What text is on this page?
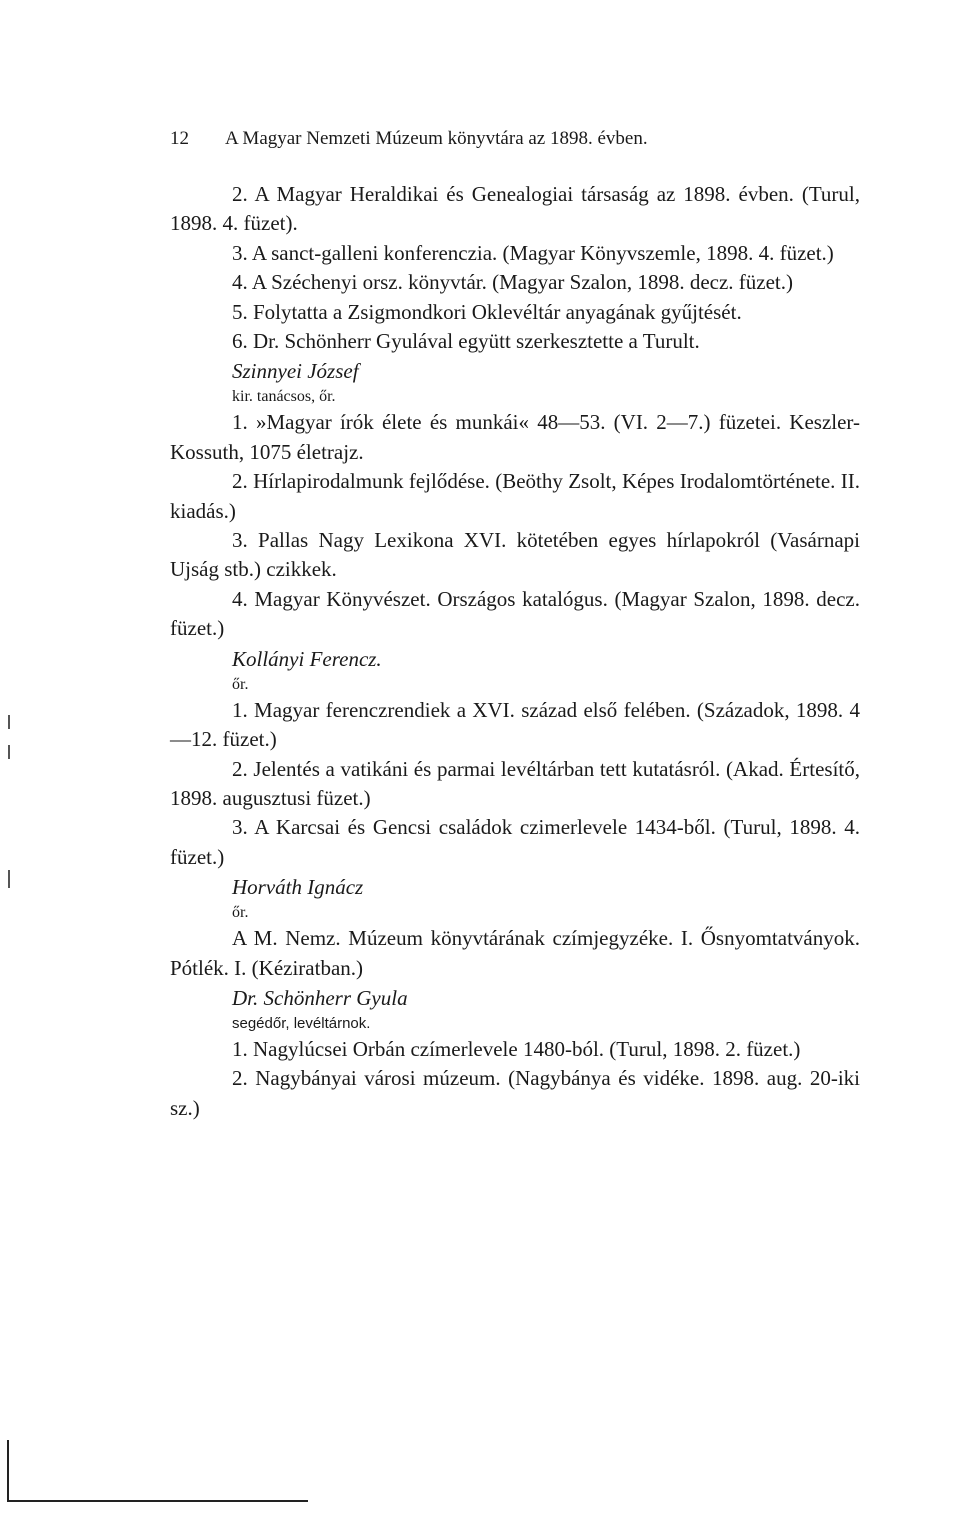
12 A Magyar Nemzeti Múzeum könyvtára az 1898. évben.

2. A Magyar Heraldikai és Genealogiai társaság az 1898. évben. (Turul, 1898. 4. füzet).

3. A sanct-galleni konferenczia. (Magyar Könyvszemle, 1898. 4. füzet.)

4. A Széchenyi orsz. könyvtár. (Magyar Szalon, 1898. decz. füzet.)

5. Folytatta a Zsigmondkori Oklevéltár anyagának gyűjtését.

6. Dr. Schönherr Gyulával együtt szerkesztette a Turult.

Szinnyei József

kir. tanácsos, őr.

1. »Magyar írók élete és munkái« 48—53. (VI. 2—7.) füzetei. Keszler-Kossuth, 1075 életrajz.

2. Hírlapirodalmunk fejlődése. (Beöthy Zsolt, Képes Irodalomtörténete. II. kiadás.)

3. Pallas Nagy Lexikona XVI. kötetében egyes hírlapokról (Vasárnapi Ujság stb.) czikkek.

4. Magyar Könyvészet. Országos katalógus. (Magyar Szalon, 1898. decz. füzet.)

Kollányi Ferencz.

őr.

1. Magyar ferenczrendiek a XVI. század első felében. (Századok, 1898. 4—12. füzet.)

2. Jelentés a vatikáni és parmai levéltárban tett kutatásról. (Akad. Értesítő, 1898. augusztusi füzet.)

3. A Karcsai és Gencsi családok czimerlevele 1434-ből. (Turul, 1898. 4. füzet.)

Horváth Ignácz

őr.

A M. Nemz. Múzeum könyvtárának czímjegyzéke. I. Ősnyomtatványok. Pótlék. I. (Kéziratban.)

Dr. Schönherr Gyula

segédőr, levéltárnok.

1. Nagylúcsei Orbán czímerlevele 1480-ból. (Turul, 1898. 2. füzet.)

2. Nagybányai városi múzeum. (Nagybánya és vidéke. 1898. aug. 20-iki sz.)
